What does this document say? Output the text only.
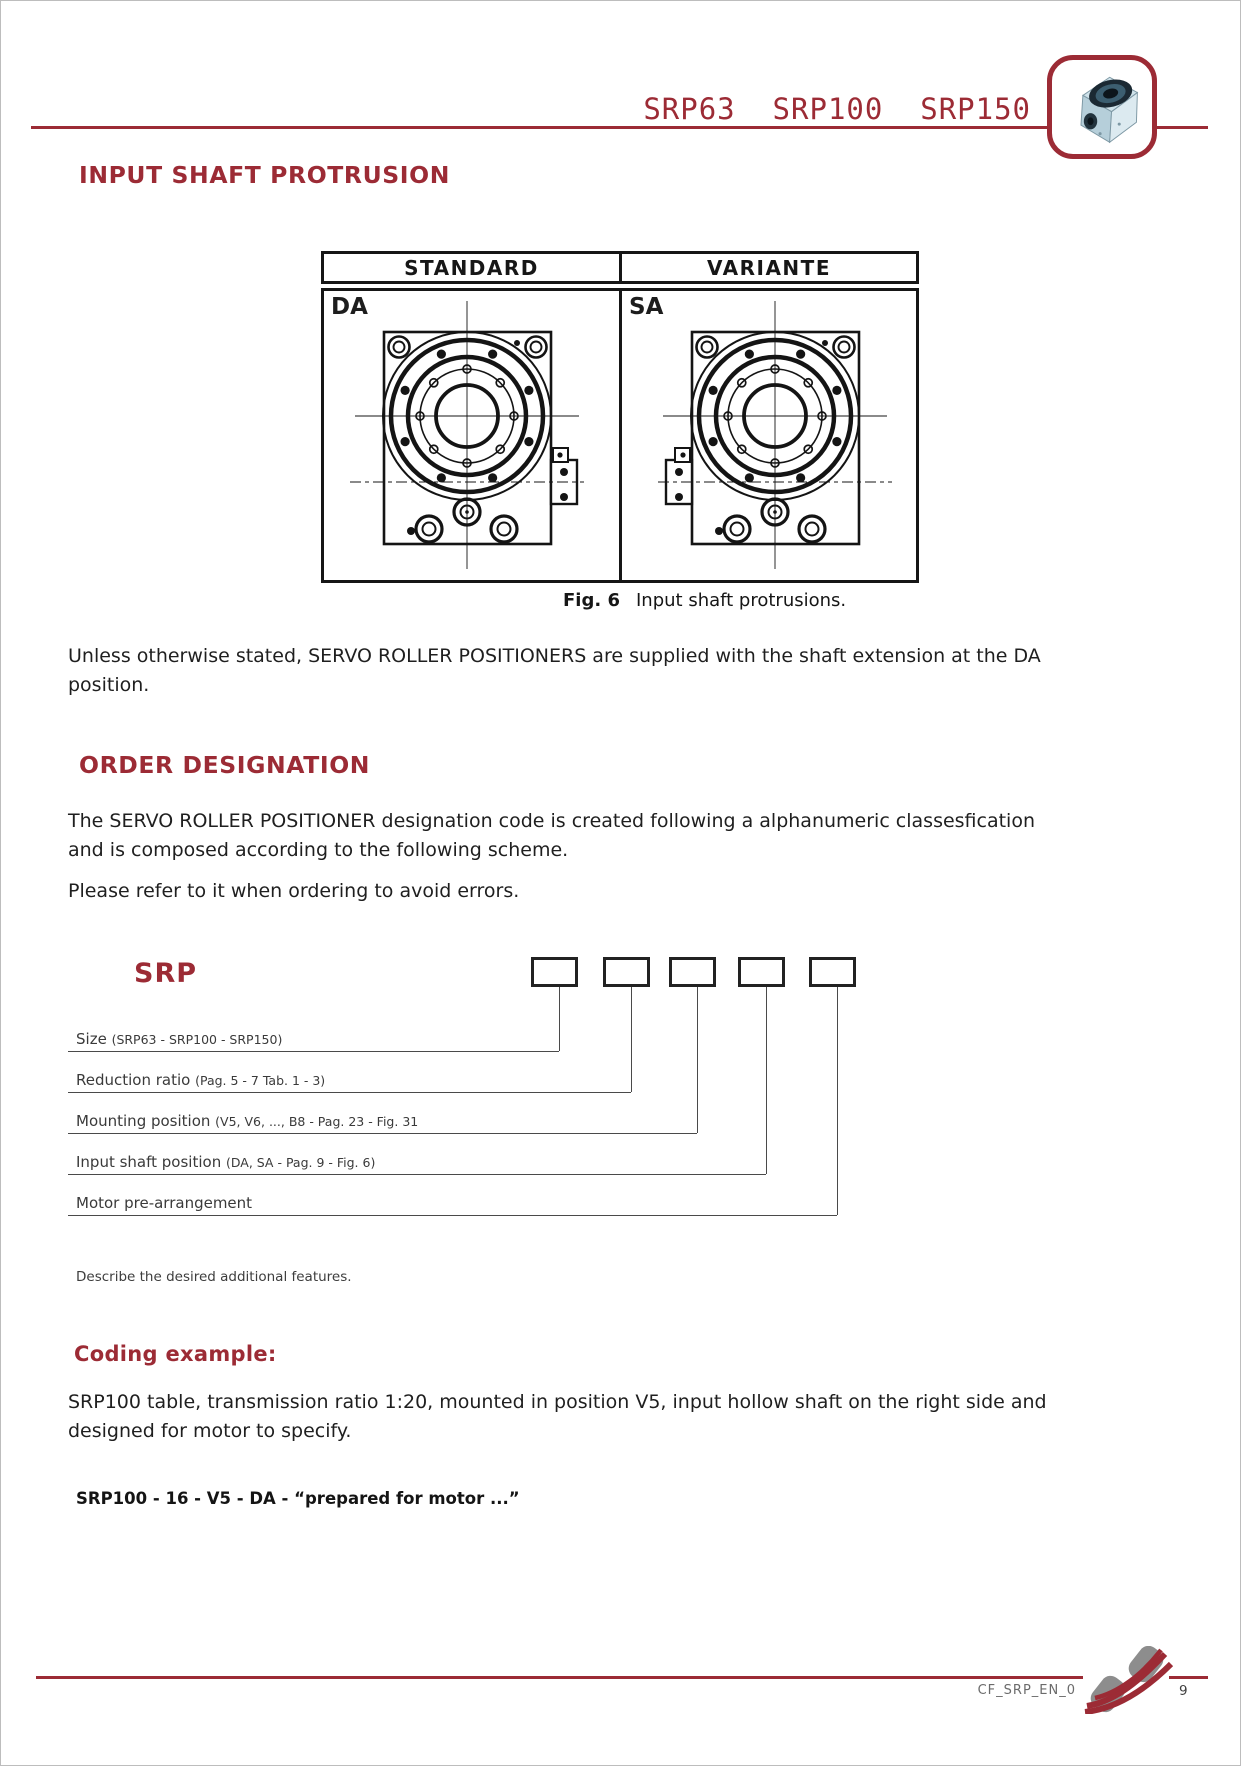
SRP63  SRP100  SRP150
INPUT SHAFT PROTRUSION
STANDARD	VARIANTE
DA	SA
Fig. 6 Input shaft protrusions.
Unless otherwise stated, SERVO ROLLER POSITIONERS are supplied with the shaft extension at the DA
position.
ORDER DESIGNATION
The SERVO ROLLER POSITIONER designation code is created following a alphanumeric classesfication
and is composed according to the following scheme.
Please refer to it when ordering to avoid errors.
SRP
Size (SRP63 - SRP100 - SRP150)
Reduction ratio (Pag. 5 - 7 Tab. 1 - 3)
Mounting position (V5, V6, ..., B8 - Pag. 23 - Fig. 31
Input shaft position (DA, SA - Pag. 9 - Fig. 6)
Motor pre-arrangement
Describe the desired additional features.
Coding example:
SRP100 table, transmission ratio 1:20, mounted in position V5, input hollow shaft on the right side and
designed for motor to specify.
SRP100 - 16 - V5 - DA - “prepared for motor ...”
CF_SRP_EN_0	9
